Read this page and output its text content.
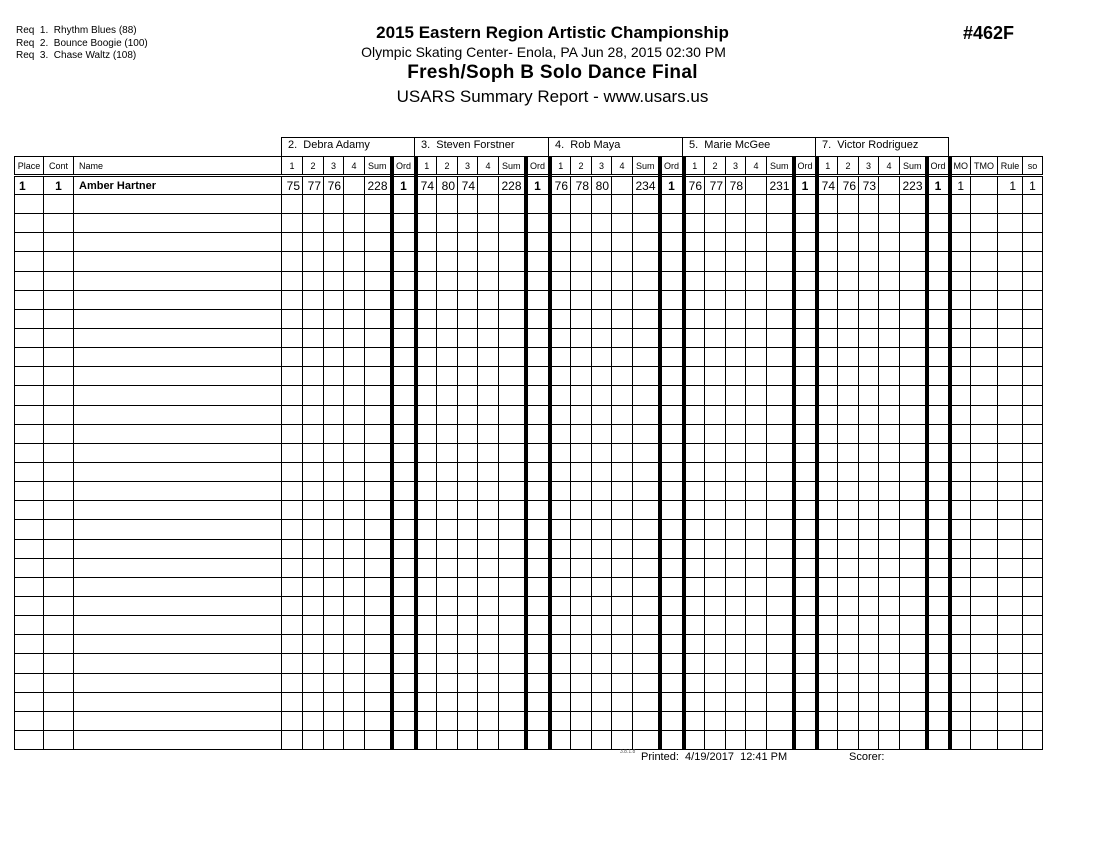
Req  1.  Rhythm Blues (88)
Req  2.  Bounce Boogie (100)
Req  3.  Chase Waltz (108)
2015 Eastern Region Artistic Championship
Olympic Skating Center- Enola, PA Jun 28, 2015 02:30 PM
Fresh/Soph B Solo Dance Final
USARS Summary Report - www.usars.us
#462F
2.  Debra Adamy	3.  Steven Forstner	4.  Rob Maya	5.  Marie McGee	7.  Victor Rodriguez
Place	Cont	Name	1	2	3	4	Sum	Ord	1	2	3	4	Sum	Ord	1	2	3	4	Sum	Ord	1	2	3	4	Sum	Ord	1	2	3	4	Sum	Ord	MO	TMO	Rule	so
1	1	Amber Hartner	75	77	76		228	1	74	80	74		228	1	76	78	80		234	1	76	77	78		231	1	74	76	73		223	1	1		1	1

3.8.1.8 Printed:  4/19/2017  12:41 PM	Scorer:
